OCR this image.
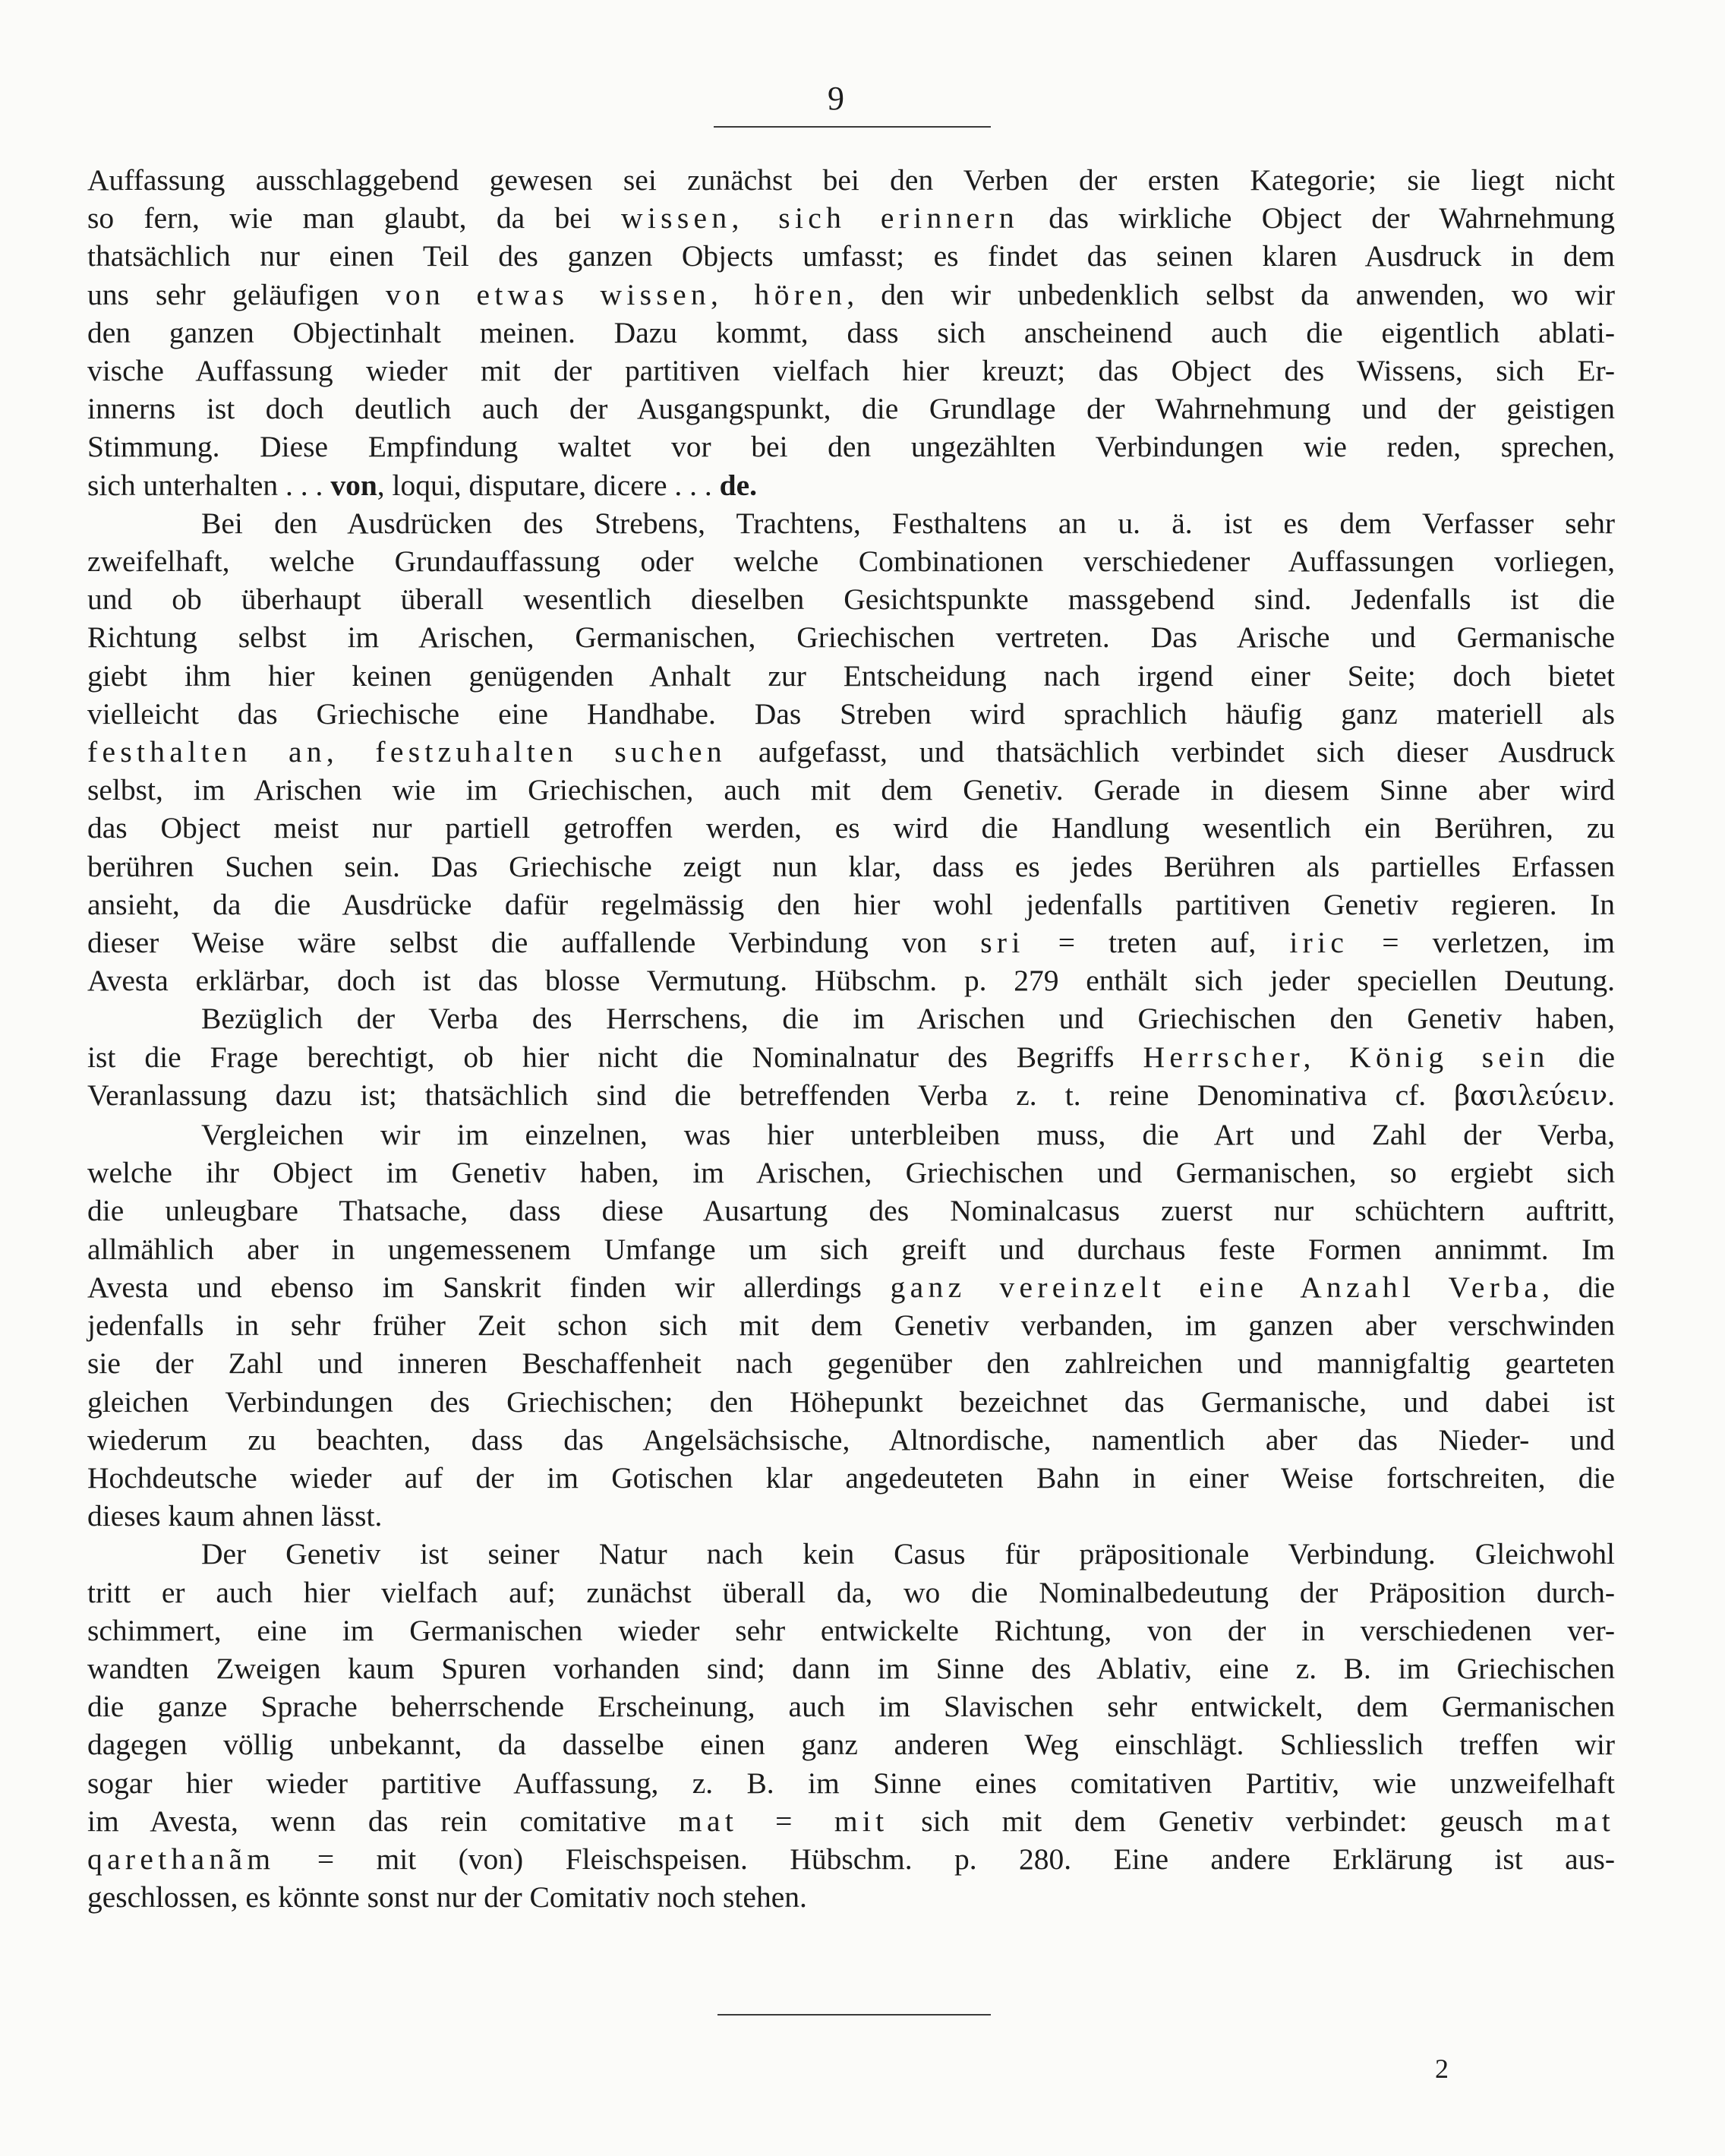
9
Auffassung ausschlaggebend gewesen sei zunächst bei den Verben der ersten Kategorie; sie liegt nicht
so fern, wie man glaubt, da bei wissen, sich erinnern das wirkliche Object der Wahrnehmung
thatsächlich nur einen Teil des ganzen Objects umfasst; es findet das seinen klaren Ausdruck in dem
uns sehr geläufigen von etwas wissen, hören, den wir unbedenklich selbst da anwenden, wo wir
den ganzen Objectinhalt meinen. Dazu kommt, dass sich anscheinend auch die eigentlich ablati-
vische Auffassung wieder mit der partitiven vielfach hier kreuzt; das Object des Wissens, sich Er-
innerns ist doch deutlich auch der Ausgangspunkt, die Grundlage der Wahrnehmung und der geistigen
Stimmung. Diese Empfindung waltet vor bei den ungezählten Verbindungen wie reden, sprechen,
sich unterhalten . . . von, loqui, disputare, dicere . . . de.
Bei den Ausdrücken des Strebens, Trachtens, Festhaltens an u. ä. ist es dem Verfasser sehr
zweifelhaft, welche Grundauffassung oder welche Combinationen verschiedener Auffassungen vorliegen,
und ob überhaupt überall wesentlich dieselben Gesichtspunkte massgebend sind. Jedenfalls ist die
Richtung selbst im Arischen, Germanischen, Griechischen vertreten. Das Arische und Germanische
giebt ihm hier keinen genügenden Anhalt zur Entscheidung nach irgend einer Seite; doch bietet
vielleicht das Griechische eine Handhabe. Das Streben wird sprachlich häufig ganz materiell als
festhalten an, festzuhalten suchen aufgefasst, und thatsächlich verbindet sich dieser Ausdruck
selbst, im Arischen wie im Griechischen, auch mit dem Genetiv. Gerade in diesem Sinne aber wird
das Object meist nur partiell getroffen werden, es wird die Handlung wesentlich ein Berühren, zu
berühren Suchen sein. Das Griechische zeigt nun klar, dass es jedes Berühren als partielles Erfassen
ansieht, da die Ausdrücke dafür regelmässig den hier wohl jedenfalls partitiven Genetiv regieren. In
dieser Weise wäre selbst die auffallende Verbindung von sri = treten auf, iric = verletzen, im
Avesta erklärbar, doch ist das blosse Vermutung. Hübschm. p. 279 enthält sich jeder speciellen Deutung.
Bezüglich der Verba des Herrschens, die im Arischen und Griechischen den Genetiv haben,
ist die Frage berechtigt, ob hier nicht die Nominalnatur des Begriffs Herrscher, König sein die
Veranlassung dazu ist; thatsächlich sind die betreffenden Verba z. t. reine Denominativa cf. βασιλεύειν.
Vergleichen wir im einzelnen, was hier unterbleiben muss, die Art und Zahl der Verba,
welche ihr Object im Genetiv haben, im Arischen, Griechischen und Germanischen, so ergiebt sich
die unleugbare Thatsache, dass diese Ausartung des Nominalcasus zuerst nur schüchtern auftritt,
allmählich aber in ungemessenem Umfange um sich greift und durchaus feste Formen annimmt. Im
Avesta und ebenso im Sanskrit finden wir allerdings ganz vereinzelt eine Anzahl Verba, die
jedenfalls in sehr früher Zeit schon sich mit dem Genetiv verbanden, im ganzen aber verschwinden
sie der Zahl und inneren Beschaffenheit nach gegenüber den zahlreichen und mannigfaltig gearteten
gleichen Verbindungen des Griechischen; den Höhepunkt bezeichnet das Germanische, und dabei ist
wiederum zu beachten, dass das Angelsächsische, Altnordische, namentlich aber das Nieder- und
Hochdeutsche wieder auf der im Gotischen klar angedeuteten Bahn in einer Weise fortschreiten, die
dieses kaum ahnen lässt.
Der Genetiv ist seiner Natur nach kein Casus für präpositionale Verbindung. Gleichwohl
tritt er auch hier vielfach auf; zunächst überall da, wo die Nominalbedeutung der Präposition durch-
schimmert, eine im Germanischen wieder sehr entwickelte Richtung, von der in verschiedenen ver-
wandten Zweigen kaum Spuren vorhanden sind; dann im Sinne des Ablativ, eine z. B. im Griechischen
die ganze Sprache beherrschende Erscheinung, auch im Slavischen sehr entwickelt, dem Germanischen
dagegen völlig unbekannt, da dasselbe einen ganz anderen Weg einschlägt. Schliesslich treffen wir
sogar hier wieder partitive Auffassung, z. B. im Sinne eines comitativen Partitiv, wie unzweifelhaft
im Avesta, wenn das rein comitative mat = mit sich mit dem Genetiv verbindet: geusch mat
qarethanãm = mit (von) Fleischspeisen. Hübschm. p. 280. Eine andere Erklärung ist aus-
geschlossen, es könnte sonst nur der Comitativ noch stehen.
2
